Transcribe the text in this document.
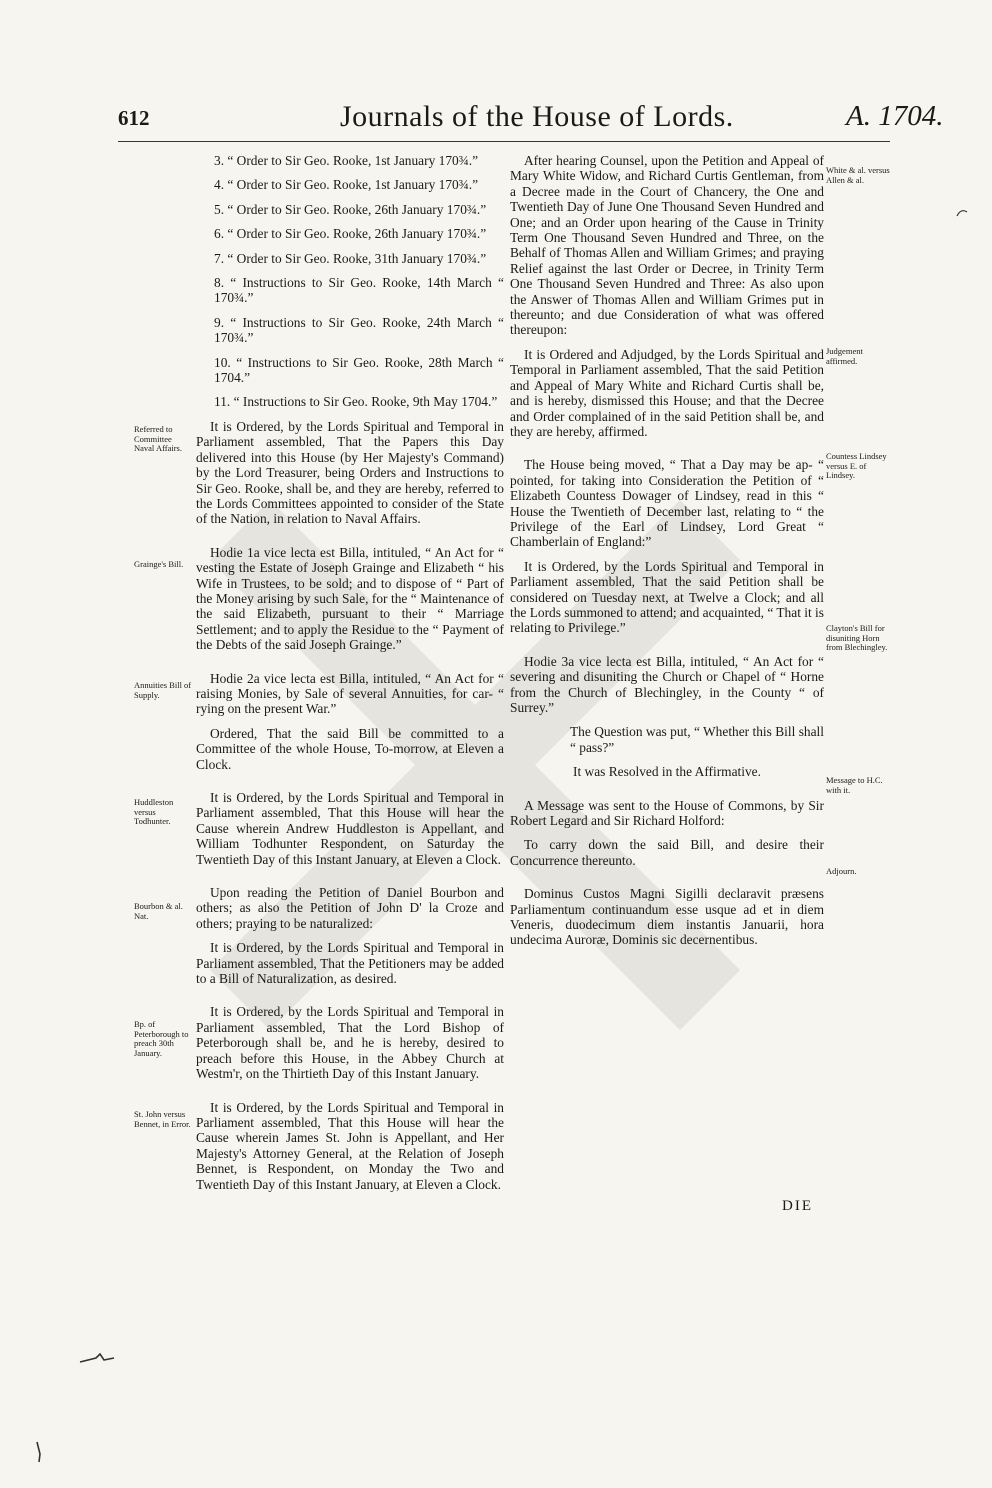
612	Journals of the House of Lords.	A. 1704.

3. “ Order to Sir Geo. Rooke, 1st January 170¾.”

4. “ Order to Sir Geo. Rooke, 1st January 170¾.”

5. “ Order to Sir Geo. Rooke, 26th January 170¾.”

6. “ Order to Sir Geo. Rooke, 26th January 170¾.”

7. “ Order to Sir Geo. Rooke, 31th January 170¾.”

8. “ Instructions to Sir Geo. Rooke, 14th March “ 170¾.”

9. “ Instructions to Sir Geo. Rooke, 24th March “ 170¾.”

10. “ Instructions to Sir Geo. Rooke, 28th March “ 1704.”

11. “ Instructions to Sir Geo. Rooke, 9th May 1704.”

It is Ordered, by the Lords Spiritual and Temporal in Parliament assembled, That the Papers this Day delivered into this House (by Her Majesty's Command) by the Lord Treasurer, being Orders and Instructions to Sir Geo. Rooke, shall be, and they are hereby, referred to the Lords Committees appointed to consider of the State of the Nation, in relation to Naval Affairs.

Hodie 1a vice lecta est Billa, intituled, “ An Act for “ vesting the Estate of Joseph Grainge and Elizabeth “ his Wife in Trustees, to be sold; and to dispose of “ Part of the Money arising by such Sale, for the “ Maintenance of the said Elizabeth, pursuant to their “ Marriage Settlement; and to apply the Residue to the “ Payment of the Debts of the said Joseph Grainge.”

Hodie 2a vice lecta est Billa, intituled, “ An Act for “ raising Monies, by Sale of several Annuities, for car- “ rying on the present War.”

Ordered, That the said Bill be committed to a Committee of the whole House, To-morrow, at Eleven a Clock.

It is Ordered, by the Lords Spiritual and Temporal in Parliament assembled, That this House will hear the Cause wherein Andrew Huddleston is Appellant, and William Todhunter Respondent, on Saturday the Twentieth Day of this Instant January, at Eleven a Clock.

Upon reading the Petition of Daniel Bourbon and others; as also the Petition of John D' la Croze and others; praying to be naturalized:

It is Ordered, by the Lords Spiritual and Temporal in Parliament assembled, That the Petitioners may be added to a Bill of Naturalization, as desired.

It is Ordered, by the Lords Spiritual and Temporal in Parliament assembled, That the Lord Bishop of Peterborough shall be, and he is hereby, desired to preach before this House, in the Abbey Church at Westm'r, on the Thirtieth Day of this Instant January.

It is Ordered, by the Lords Spiritual and Temporal in Parliament assembled, That this House will hear the Cause wherein James St. John is Appellant, and Her Majesty's Attorney General, at the Relation of Joseph Bennet, is Respondent, on Monday the Two and Twentieth Day of this Instant January, at Eleven a Clock.

Referred to Committee Naval Affairs.
Grainge's Bill.
Annuities Bill of Supply.
Huddleston versus Todhunter.
Bourbon & al. Nat.
Bp. of Peterborough to preach 30th January.
St. John versus Bennet, in Error.

After hearing Counsel, upon the Petition and Appeal of Mary White Widow, and Richard Curtis Gentleman, from a Decree made in the Court of Chancery, the One and Twentieth Day of June One Thousand Seven Hundred and One; and an Order upon hearing of the Cause in Trinity Term One Thousand Seven Hundred and Three, on the Behalf of Thomas Allen and William Grimes; and praying Relief against the last Order or Decree, in Trinity Term One Thousand Seven Hundred and Three: As also upon the Answer of Thomas Allen and William Grimes put in thereunto; and due Consideration of what was offered thereupon:

It is Ordered and Adjudged, by the Lords Spiritual and Temporal in Parliament assembled, That the said Petition and Appeal of Mary White and Richard Curtis shall be, and is hereby, dismissed this House; and that the Decree and Order complained of in the said Petition shall be, and they are hereby, affirmed.

The House being moved, “ That a Day may be ap- “ pointed, for taking into Consideration the Petition of “ Elizabeth Countess Dowager of Lindsey, read in this “ House the Twentieth of December last, relating to “ the Privilege of the Earl of Lindsey, Lord Great “ Chamberlain of England:”

It is Ordered, by the Lords Spiritual and Temporal in Parliament assembled, That the said Petition shall be considered on Tuesday next, at Twelve a Clock; and all the Lords summoned to attend; and acquainted, “ That it is relating to Privilege.”

Hodie 3a vice lecta est Billa, intituled, “ An Act for “ severing and disuniting the Church or Chapel of “ Horne from the Church of Blechingley, in the County “ of Surrey.”

The Question was put, “ Whether this Bill shall “ pass?”

It was Resolved in the Affirmative.

A Message was sent to the House of Commons, by Sir Robert Legard and Sir Richard Holford:

To carry down the said Bill, and desire their Concurrence thereunto.

Dominus Custos Magni Sigilli declaravit præsens Parliamentum continuandum esse usque ad et in diem Veneris, duodecimum diem instantis Januarii, hora undecima Auroræ, Dominis sic decernentibus.

White & al. versus Allen & al.
Judgement affirmed.
Countess Lindsey versus E. of Lindsey.
Clayton's Bill for disuniting Horn from Blechingley.
Message to H.C. with it.
Adjourn.
DIE
